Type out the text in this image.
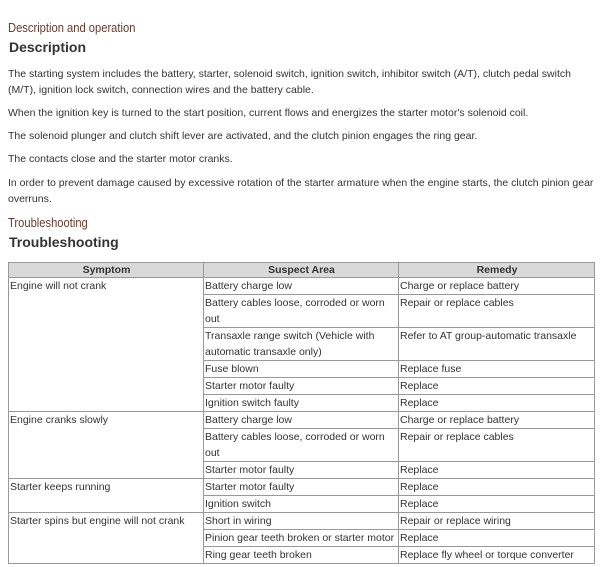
Description and operation
Description
The starting system includes the battery, starter, solenoid switch, ignition switch, inhibitor switch (A/T), clutch pedal switch (M/T), ignition lock switch, connection wires and the battery cable.
When the ignition key is turned to the start position, current flows and energizes the starter motor's solenoid coil.
The solenoid plunger and clutch shift lever are activated, and the clutch pinion engages the ring gear.
The contacts close and the starter motor cranks.
In order to prevent damage caused by excessive rotation of the starter armature when the engine starts, the clutch pinion gear overruns.
Troubleshooting
Troubleshooting
Symptom	Suspect Area	Remedy
Engine will not crank	Battery charge low	Charge or replace battery
	Battery cables loose, corroded or worn out	Repair or replace cables
	Transaxle range switch (Vehicle with automatic transaxle only)	Refer to AT group-automatic transaxle
	Fuse blown	Replace fuse
	Starter motor faulty	Replace
	Ignition switch faulty	Replace
Engine cranks slowly	Battery charge low	Charge or replace battery
	Battery cables loose, corroded or worn out	Repair or replace cables
	Starter motor faulty	Replace
Starter keeps running	Starter motor faulty	Replace
	Ignition switch	Replace
Starter spins but engine will not crank	Short in wiring	Repair or replace wiring
	Pinion gear teeth broken or starter motor	Replace
	Ring gear teeth broken	Replace fly wheel or torque converter
